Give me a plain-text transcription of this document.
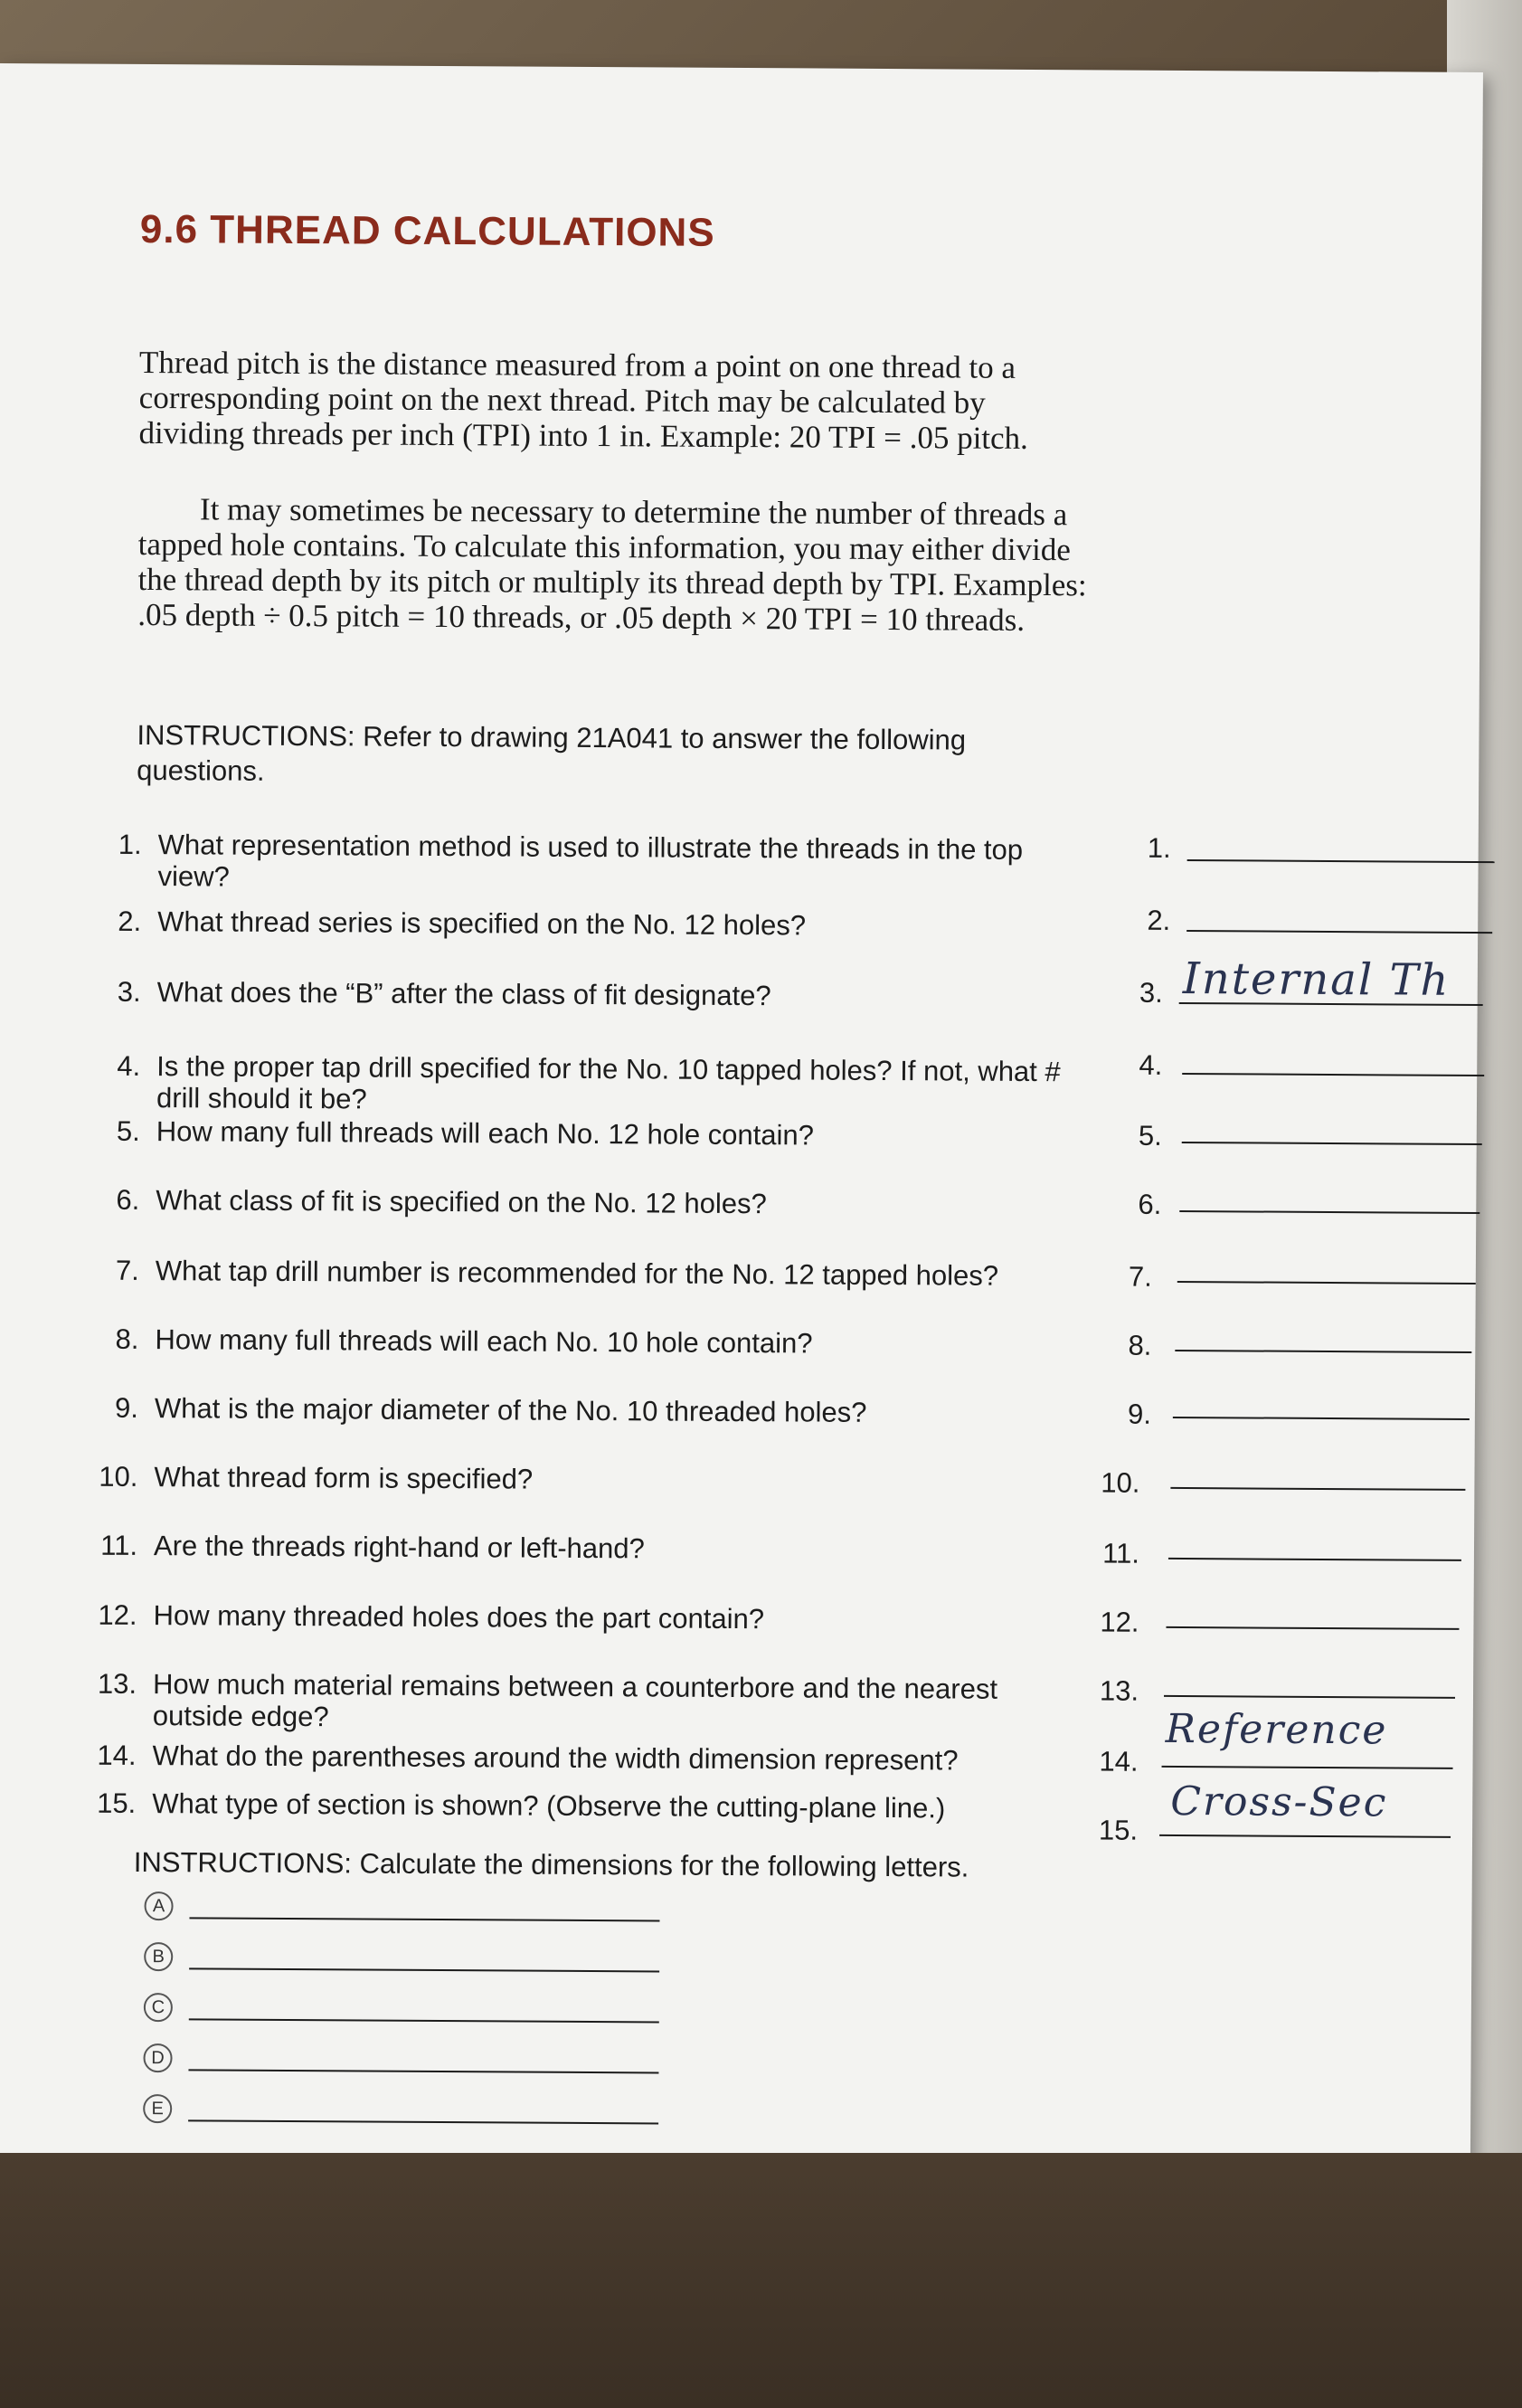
9.6 THREAD CALCULATIONS
Thread pitch is the distance measured from a point on one thread to a corresponding point on the next thread. Pitch may be calculated by dividing threads per inch (TPI) into 1 in. Example: 20 TPI = .05 pitch.
It may sometimes be necessary to determine the number of threads a tapped hole contains. To calculate this information, you may either divide the thread depth by its pitch or multiply its thread depth by TPI. Examples: .05 depth ÷ 0.5 pitch = 10 threads, or .05 depth × 20 TPI = 10 threads.
INSTRUCTIONS: Refer to drawing 21A041 to answer the following questions.
1. What representation method is used to illustrate the threads in the top view?
2. What thread series is specified on the No. 12 holes?
3. What does the “B” after the class of fit designate?
4. Is the proper tap drill specified for the No. 10 tapped holes? If not, what # drill should it be?
5. How many full threads will each No. 12 hole contain?
6. What class of fit is specified on the No. 12 holes?
7. What tap drill number is recommended for the No. 12 tapped holes?
8. How many full threads will each No. 10 hole contain?
9. What is the major diameter of the No. 10 threaded holes?
10. What thread form is specified?
11. Are the threads right-hand or left-hand?
12. How many threaded holes does the part contain?
13. How much material remains between a counterbore and the nearest outside edge?
14. What do the parentheses around the width dimension represent?
15. What type of section is shown? (Observe the cutting-plane line.)
1.
2.
3. Internal Th
4.
5.
6.
7.
8.
9.
10.
11.
12.
13.
14.
Reference
15.
Cross-Sec
INSTRUCTIONS: Calculate the dimensions for the following letters.
A
B
C
D
E
